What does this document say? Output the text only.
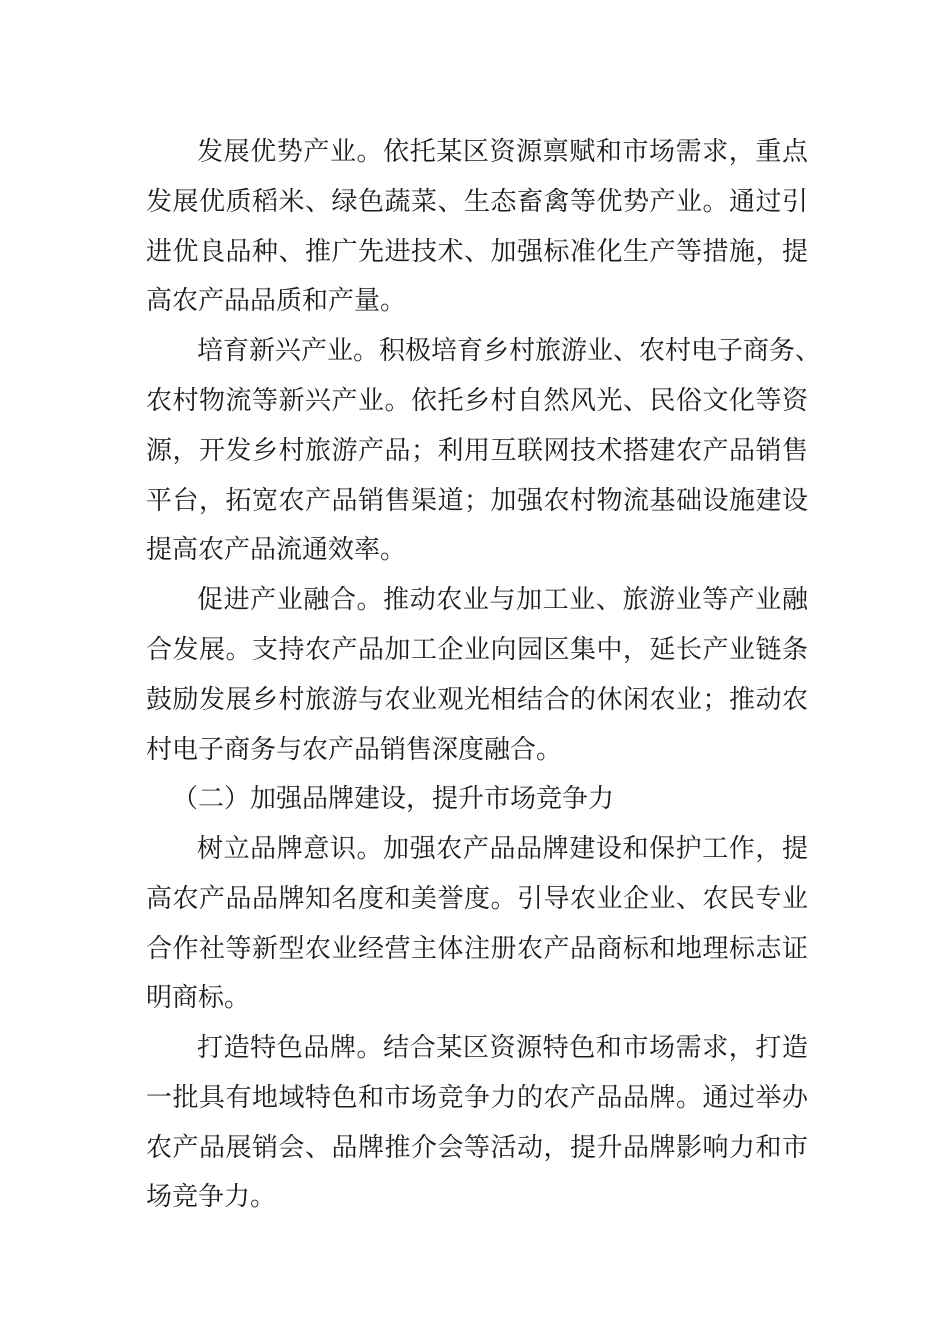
发展优势产业。依托某区资源禀赋和市场需求，重点
发展优质稻米、绿色蔬菜、生态畜禽等优势产业。通过引
进优良品种、推广先进技术、加强标准化生产等措施，提
高农产品品质和产量。
培育新兴产业。积极培育乡村旅游业、农村电子商务、
农村物流等新兴产业。依托乡村自然风光、民俗文化等资
源，开发乡村旅游产品；利用互联网技术搭建农产品销售
平台，拓宽农产品销售渠道；加强农村物流基础设施建设
提高农产品流通效率。
促进产业融合。推动农业与加工业、旅游业等产业融
合发展。支持农产品加工企业向园区集中，延长产业链条
鼓励发展乡村旅游与农业观光相结合的休闲农业；推动农
村电子商务与农产品销售深度融合。
（二）加强品牌建设，提升市场竞争力
树立品牌意识。加强农产品品牌建设和保护工作，提
高农产品品牌知名度和美誉度。引导农业企业、农民专业
合作社等新型农业经营主体注册农产品商标和地理标志证
明商标。
打造特色品牌。结合某区资源特色和市场需求，打造
一批具有地域特色和市场竞争力的农产品品牌。通过举办
农产品展销会、品牌推介会等活动，提升品牌影响力和市
场竞争力。
